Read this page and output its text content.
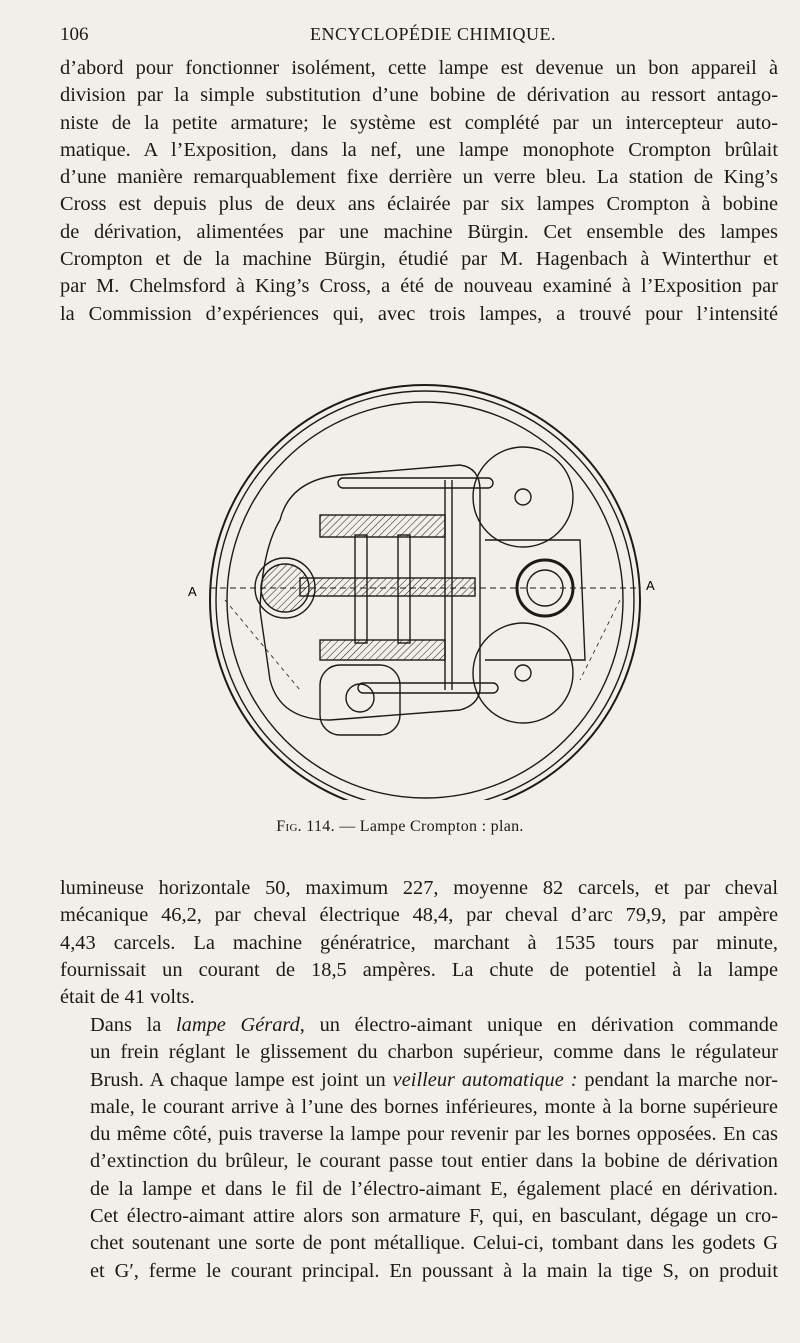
106	ENCYCLOPÉDIE CHIMIQUE.

d’abord pour fonctionner isolément, cette lampe est devenue un bon appareil à
division par la simple substitution d’une bobine de dérivation au ressort antago-
niste de la petite armature; le système est complété par un intercepteur auto-
matique. A l’Exposition, dans la nef, une lampe monophote Crompton brûlait
d’une manière remarquablement fixe derrière un verre bleu. La station de King’s
Cross est depuis plus de deux ans éclairée par six lampes Crompton à bobine
de dérivation, alimentées par une machine Bürgin. Cet ensemble des lampes
Crompton et de la machine Bürgin, étudié par M. Hagenbach à Winterthur et
par M. Chelmsford à King’s Cross, a été de nouveau examiné à l’Exposition par
la Commission d’expériences qui, avec trois lampes, a trouvé pour l’intensité

A	A
Fig. 114. — Lampe Crompton : plan.

lumineuse horizontale 50, maximum 227, moyenne 82 carcels, et par cheval
mécanique 46,2, par cheval électrique 48,4, par cheval d’arc 79,9, par ampère
4,43 carcels. La machine génératrice, marchant à 1535 tours par minute,
fournissait un courant de 18,5 ampères. La chute de potentiel à la lampe
était de 41 volts.

Dans la lampe Gérard, un électro-aimant unique en dérivation commande
un frein réglant le glissement du charbon supérieur, comme dans le régulateur
Brush. A chaque lampe est joint un veilleur automatique : pendant la marche nor-
male, le courant arrive à l’une des bornes inférieures, monte à la borne supérieure
du même côté, puis traverse la lampe pour revenir par les bornes opposées. En cas
d’extinction du brûleur, le courant passe tout entier dans la bobine de dérivation
de la lampe et dans le fil de l’électro-aimant E, également placé en dérivation.
Cet électro-aimant attire alors son armature F, qui, en basculant, dégage un cro-
chet soutenant une sorte de pont métallique. Celui-ci, tombant dans les godets G
et G′, ferme le courant principal. En poussant à la main la tige S, on produit
